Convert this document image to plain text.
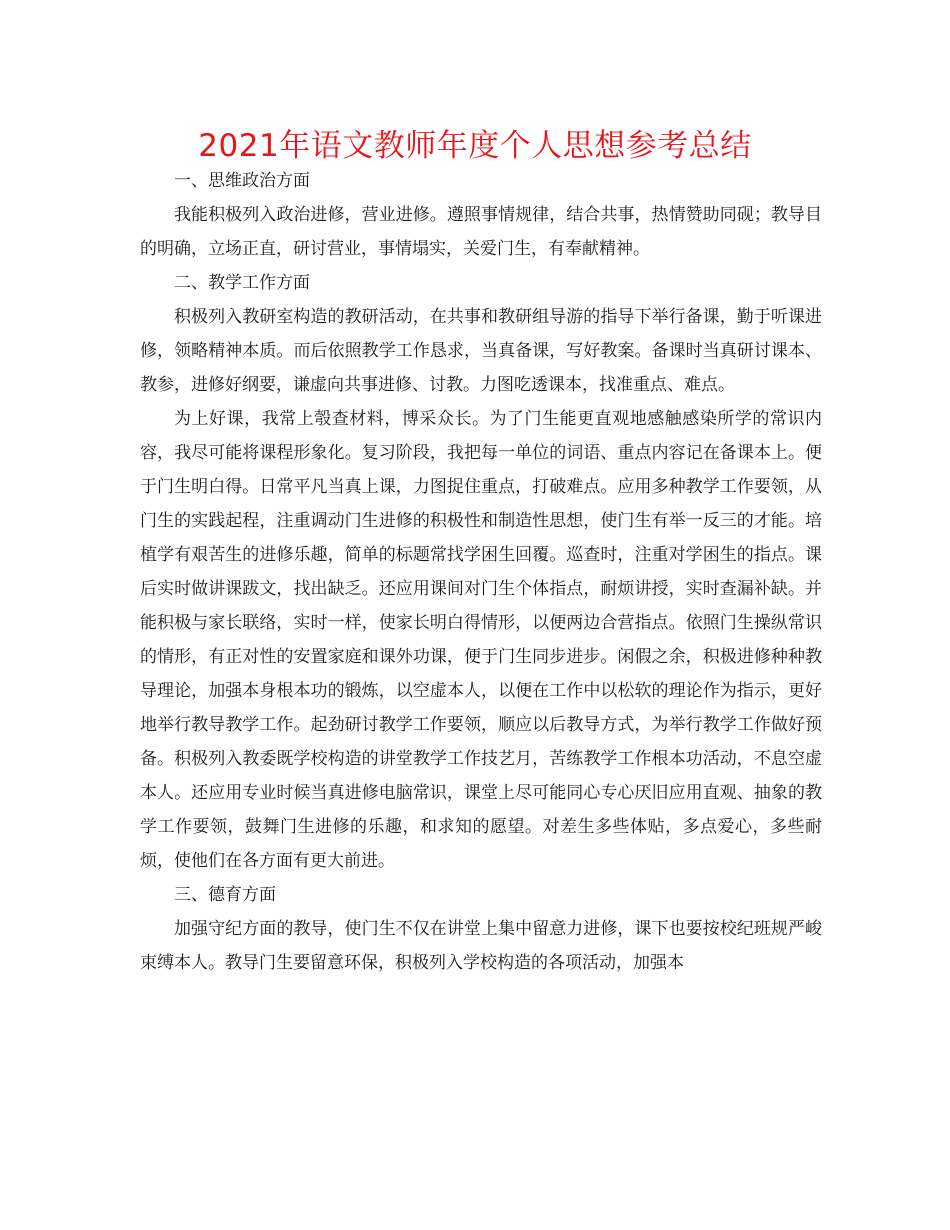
2021年语文教师年度个人思想参考总结

一、思维政治方面

我能积极列入政治进修，营业进修。遵照事情规律，结合共事，热情赞助同砚；教导目的明确，立场正直，研讨营业，事情塌实，关爱门生，有奉献精神。

二、教学工作方面

积极列入教研室构造的教研活动，在共事和教研组导游的指导下举行备课，勤于听课进修，领略精神本质。而后依照教学工作恳求，当真备课，写好教案。备课时当真研讨课本、教参，进修好纲要，谦虚向共事进修、讨教。力图吃透课本，找准重点、难点。

为上好课，我常上彀查材料，博采众长。为了门生能更直观地感触感染所学的常识内容，我尽可能将课程形象化。复习阶段，我把每一单位的词语、重点内容记在备课本上。便于门生明白得。日常平凡当真上课，力图捉住重点，打破难点。应用多种教学工作要领，从门生的实践起程，注重调动门生进修的积极性和制造性思想，使门生有举一反三的才能。培植学有艰苦生的进修乐趣，简单的标题常找学困生回覆。巡查时，注重对学困生的指点。课后实时做讲课跋文，找出缺乏。还应用课间对门生个体指点，耐烦讲授，实时查漏补缺。并能积极与家长联络，实时一样，使家长明白得情形，以便两边合营指点。依照门生操纵常识的情形，有正对性的安置家庭和课外功课，便于门生同步进步。闲假之余，积极进修种种教导理论，加强本身根本功的锻炼，以空虚本人，以便在工作中以松软的理论作为指示，更好地举行教导教学工作。起劲研讨教学工作要领，顺应以后教导方式，为举行教学工作做好预备。积极列入教委既学校构造的讲堂教学工作技艺月，苦练教学工作根本功活动，不息空虚本人。还应用专业时候当真进修电脑常识，课堂上尽可能同心专心厌旧应用直观、抽象的教学工作要领，鼓舞门生进修的乐趣，和求知的愿望。对差生多些体贴，多点爱心，多些耐烦，使他们在各方面有更大前进。

三、德育方面

加强守纪方面的教导，使门生不仅在讲堂上集中留意力进修，课下也要按校纪班规严峻束缚本人。教导门生要留意环保，积极列入学校构造的各项活动，加强本
